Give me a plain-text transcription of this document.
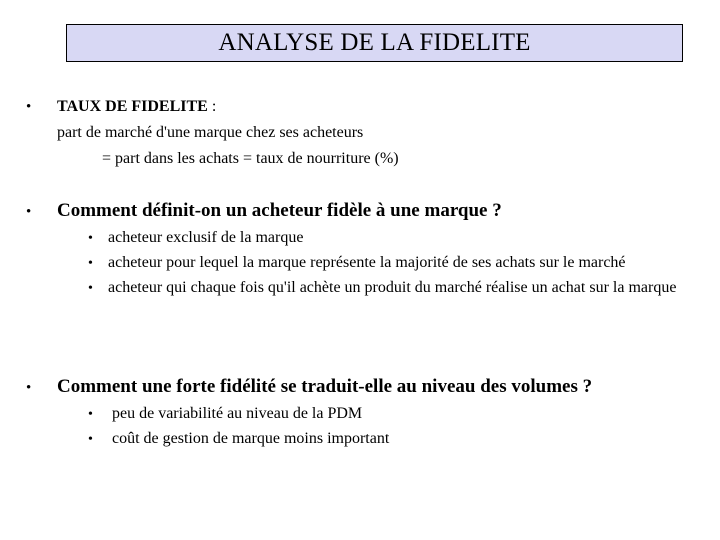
ANALYSE DE LA FIDELITE
•	TAUX DE FIDELITE :
part de marché d'une marque chez ses acheteurs
= part dans les achats = taux de nourriture (%)
•	Comment définit-on un acheteur fidèle à une marque ?
• acheteur exclusif de la marque
• acheteur pour lequel la marque représente la majorité de ses achats sur le marché
• acheteur qui chaque fois qu'il achète un produit du marché réalise un achat sur la marque
•	Comment une forte fidélité se traduit-elle au niveau des volumes ?
•	peu de variabilité au niveau de la PDM
•	coût de gestion de marque moins important
